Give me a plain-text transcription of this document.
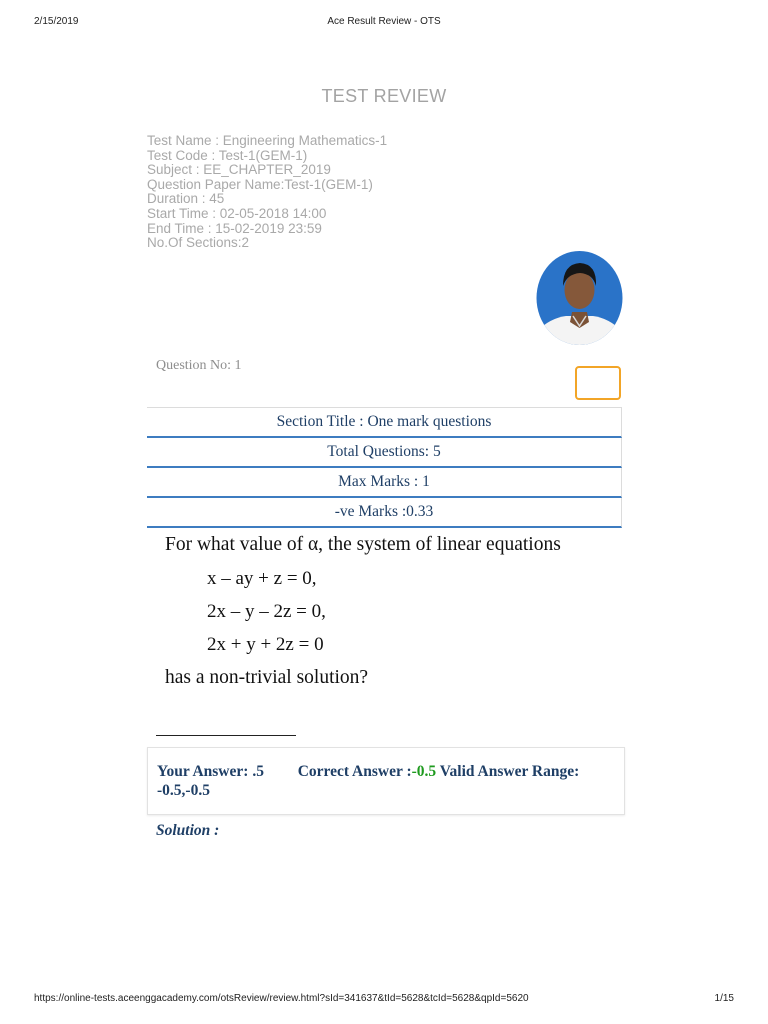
2/15/2019	Ace Result Review - OTS
TEST REVIEW
Test Name : Engineering Mathematics-1
Test Code : Test-1(GEM-1)
Subject : EE_CHAPTER_2019
Question Paper Name:Test-1(GEM-1)
Duration : 45
Start Time : 02-05-2018 14:00
End Time : 15-02-2019 23:59
No.Of Sections:2
Question No: 1
Section Title : One mark questions
Total Questions: 5
Max Marks : 1
-ve Marks :0.33
For what value of α, the system of linear equations
x – ay + z = 0,
2x – y – 2z = 0,
2x + y + 2z = 0
has a non-trivial solution?
Your Answer: .5 Correct Answer :-0.5 Valid Answer Range: -0.5,-0.5
Solution :
https://online-tests.aceenggacademy.com/otsReview/review.html?sId=341637&tId=5628&tcId=5628&qpId=5620	1/15
